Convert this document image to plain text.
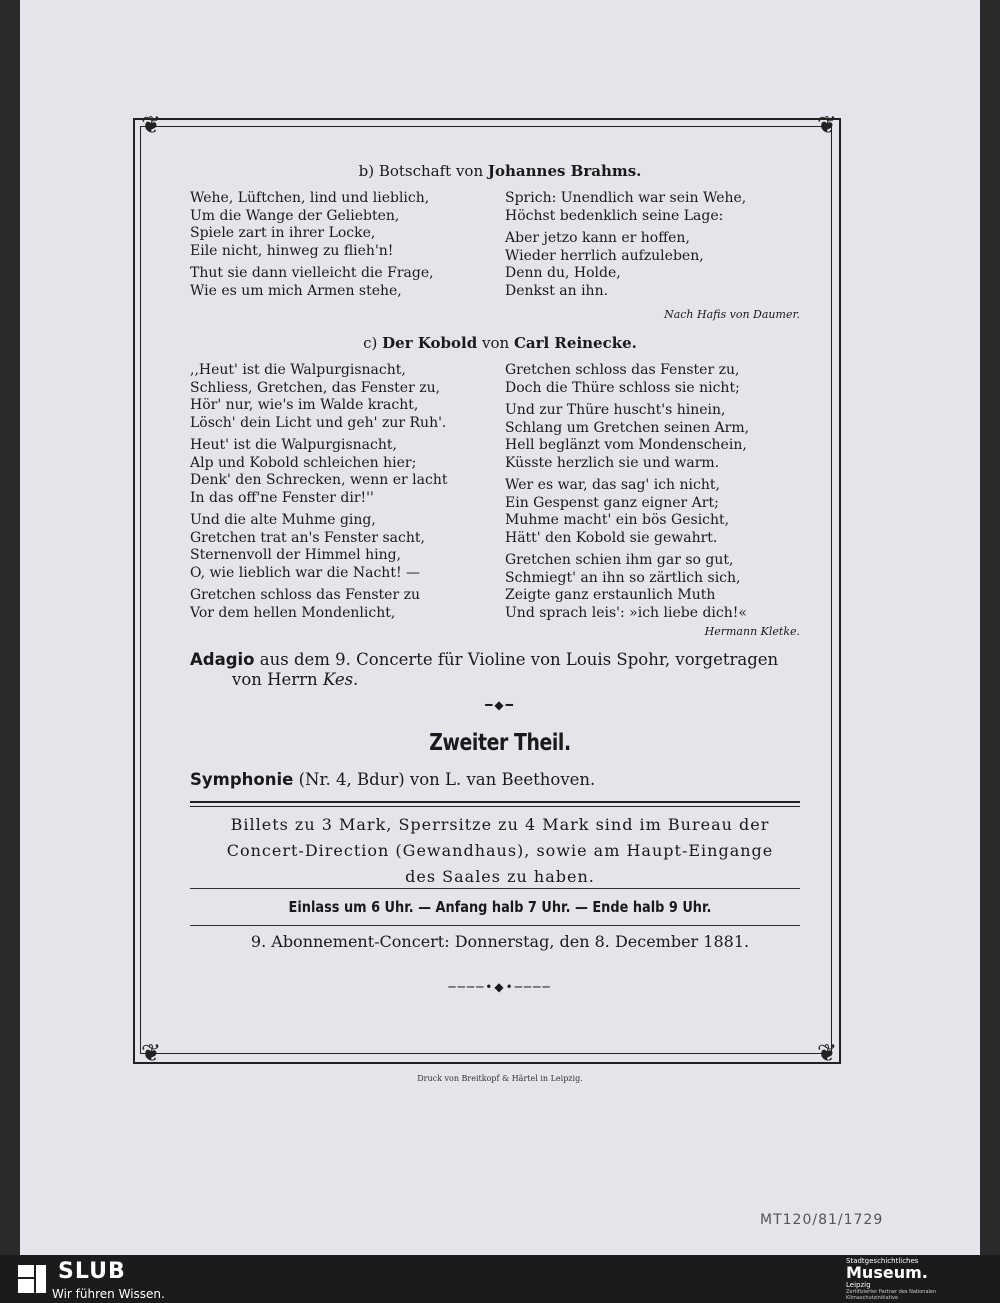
❦	❦
❦	❦
b) Botschaft von Johannes Brahms.
Wehe, Lüftchen, lind und lieblich,
Um die Wange der Geliebten,
Spiele zart in ihrer Locke,
Eile nicht, hinweg zu flieh'n!
Thut sie dann vielleicht die Frage,
Wie es um mich Armen stehe,
Sprich: Unendlich war sein Wehe,
Höchst bedenklich seine Lage:
Aber jetzo kann er hoffen,
Wieder herrlich aufzuleben,
Denn du, Holde,
Denkst an ihn.
Nach Hafis von Daumer.
c) Der Kobold von Carl Reinecke.
,,Heut' ist die Walpurgisnacht,
Schliess, Gretchen, das Fenster zu,
Hör' nur, wie's im Walde kracht,
Lösch' dein Licht und geh' zur Ruh'.
Heut' ist die Walpurgisnacht,
Alp und Kobold schleichen hier;
Denk' den Schrecken, wenn er lacht
In das off'ne Fenster dir!''
Und die alte Muhme ging,
Gretchen trat an's Fenster sacht,
Sternenvoll der Himmel hing,
O, wie lieblich war die Nacht! —
Gretchen schloss das Fenster zu
Vor dem hellen Mondenlicht,
Gretchen schloss das Fenster zu,
Doch die Thüre schloss sie nicht;
Und zur Thüre huscht's hinein,
Schlang um Gretchen seinen Arm,
Hell beglänzt vom Mondenschein,
Küsste herzlich sie und warm.
Wer es war, das sag' ich nicht,
Ein Gespenst ganz eigner Art;
Muhme macht' ein bös Gesicht,
Hätt' den Kobold sie gewahrt.
Gretchen schien ihm gar so gut,
Schmiegt' an ihn so zärtlich sich,
Zeigte ganz erstaunlich Muth
Und sprach leis': »ich liebe dich!«
Hermann Kletke.
Adagio aus dem 9. Concerte für Violine von Louis Spohr, vorgetragen
von Herrn Kes.
━◆━
Zweiter Theil.
Symphonie (Nr. 4, Bdur) von L. van Beethoven.
Billets zu 3 Mark, Sperrsitze zu 4 Mark sind im Bureau der
Concert-Direction (Gewandhaus), sowie am Haupt-Eingange
des Saales zu haben.
Einlass um 6 Uhr. — Anfang halb 7 Uhr. — Ende halb 9 Uhr.
9. Abonnement-Concert: Donnerstag, den 8. December 1881.
────•◆•────
Druck von Breitkopf & Härtel in Leipzig.
MT120/81/1729
SLUB
Wir führen Wissen.
Stadtgeschichtliches
Museum.
Leipzig
Zertifizierter Partner des Nationalen Klimaschutzinitiative
